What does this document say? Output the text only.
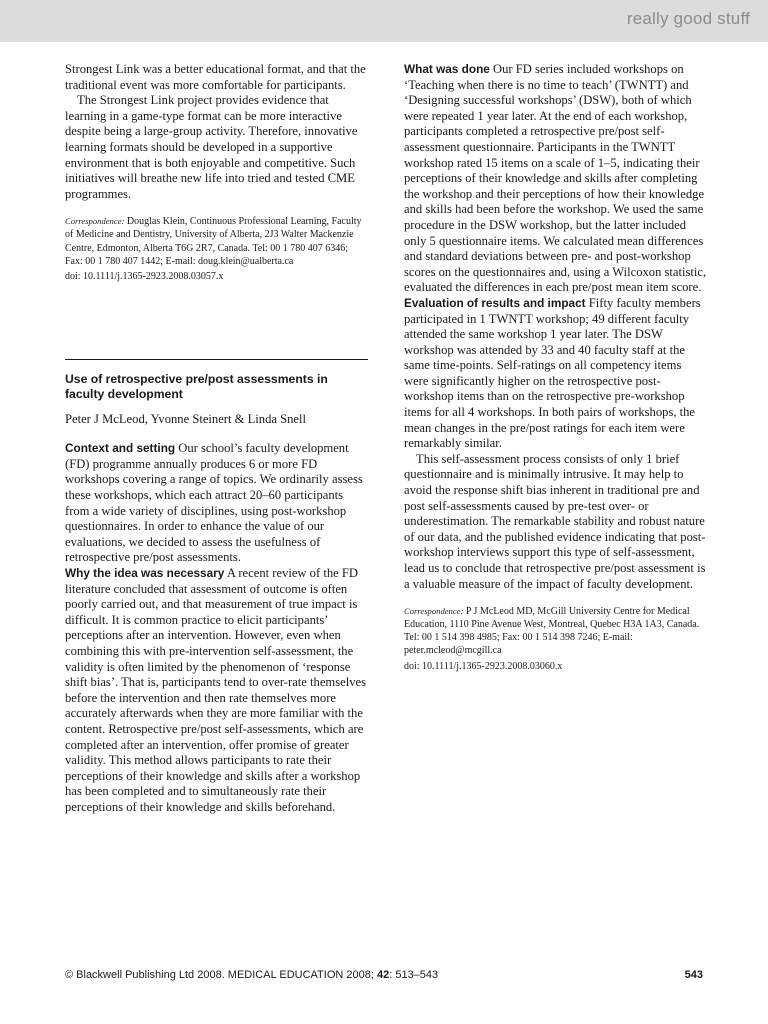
really good stuff

Strongest Link was a better educational format, and that the traditional event was more comfortable for participants.

The Strongest Link project provides evidence that learning in a game-type format can be more interactive despite being a large-group activity. Therefore, innovative learning formats should be developed in a supportive environment that is both enjoyable and competitive. Such initiatives will breathe new life into tried and tested CME programmes.

Correspondence: Douglas Klein, Continuous Professional Learning, Faculty of Medicine and Dentistry, University of Alberta, 2J3 Walter Mackenzie Centre, Edmonton, Alberta T6G 2R7, Canada. Tel: 00 1 780 407 6346; Fax: 00 1 780 407 1442; E-mail: doug.klein@ualberta.ca
doi: 10.1111/j.1365-2923.2008.03057.x
Use of retrospective pre/post assessments in faculty development
Peter J McLeod, Yvonne Steinert & Linda Snell

Context and setting Our school’s faculty development (FD) programme annually produces 6 or more FD workshops covering a range of topics. We ordinarily assess these workshops, which each attract 20–60 participants from a wide variety of disciplines, using post-workshop questionnaires. In order to enhance the value of our evaluations, we decided to assess the usefulness of retrospective pre/post assessments.

Why the idea was necessary A recent review of the FD literature concluded that assessment of outcome is often poorly carried out, and that measurement of true impact is difficult. It is common practice to elicit participants’ perceptions after an intervention. However, even when combining this with pre-intervention self-assessment, the validity is often limited by the phenomenon of ‘response shift bias’. That is, participants tend to over-rate themselves before the intervention and then rate themselves more accurately afterwards when they are more familiar with the content. Retrospective pre/post self-assessments, which are completed after an intervention, offer promise of greater validity. This method allows participants to rate their perceptions of their knowledge and skills after a workshop has been completed and to simultaneously rate their perceptions of their knowledge and skills beforehand.

What was done Our FD series included workshops on ‘Teaching when there is no time to teach’ (TWNTT) and ‘Designing successful workshops’ (DSW), both of which were repeated 1 year later. At the end of each workshop, participants completed a retrospective pre/post self-assessment questionnaire. Participants in the TWNTT workshop rated 15 items on a scale of 1–5, indicating their perceptions of their knowledge and skills after completing the workshop and their perceptions of how their knowledge and skills had been before the workshop. We used the same procedure in the DSW workshop, but the latter included only 5 questionnaire items. We calculated mean differences and standard deviations between pre- and post-workshop scores on the questionnaires and, using a Wilcoxon statistic, evaluated the differences in each pre/post mean item score.

Evaluation of results and impact Fifty faculty members participated in 1 TWNTT workshop; 49 different faculty attended the same workshop 1 year later. The DSW workshop was attended by 33 and 40 faculty staff at the same time-points. Self-ratings on all competency items were significantly higher on the retrospective post-workshop items than on the retrospective pre-workshop items for all 4 workshops. In both pairs of workshops, the mean changes in the pre/post ratings for each item were remarkably similar.

This self-assessment process consists of only 1 brief questionnaire and is minimally intrusive. It may help to avoid the response shift bias inherent in traditional pre and post self-assessments caused by pre-test over- or underestimation. The remarkable stability and robust nature of our data, and the published evidence indicating that post-workshop interviews support this type of self-assessment, lead us to conclude that retrospective pre/post assessment is a valuable measure of the impact of faculty development.

Correspondence: P J McLeod MD, McGill University Centre for Medical Education, 1110 Pine Avenue West, Montreal, Quebec H3A 1A3, Canada. Tel: 00 1 514 398 4985; Fax: 00 1 514 398 7246; E-mail: peter.mcleod@mcgill.ca
doi: 10.1111/j.1365-2923.2008.03060.x
© Blackwell Publishing Ltd 2008. MEDICAL EDUCATION 2008; 42: 513–543	543
